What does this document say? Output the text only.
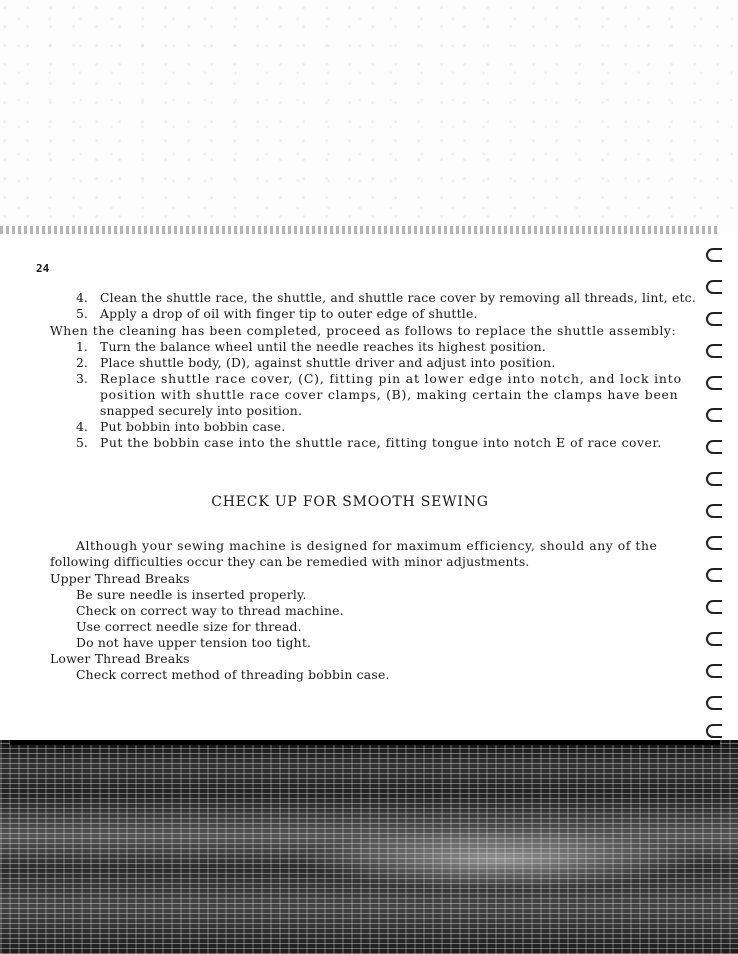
24
4. Clean the shuttle race, the shuttle, and shuttle race cover by removing all threads, lint, etc.
5. Apply a drop of oil with finger tip to outer edge of shuttle.
When the cleaning has been completed, proceed as follows to replace the shuttle assembly:
1. Turn the balance wheel until the needle reaches its highest position.
2. Place shuttle body, (D), against shuttle driver and adjust into position.
3. Replace shuttle race cover, (C), fitting pin at lower edge into notch, and lock into
position with shuttle race cover clamps, (B), making certain the clamps have been
snapped securely into position.
4. Put bobbin into bobbin case.
5. Put the bobbin case into the shuttle race, fitting tongue into notch E of race cover.
CHECK UP FOR SMOOTH SEWING
Although your sewing machine is designed for maximum efficiency, should any of the
following difficulties occur they can be remedied with minor adjustments.
Upper Thread Breaks
Be sure needle is inserted properly.
Check on correct way to thread machine.
Use correct needle size for thread.
Do not have upper tension too tight.
Lower Thread Breaks
Check correct method of threading bobbin case.
